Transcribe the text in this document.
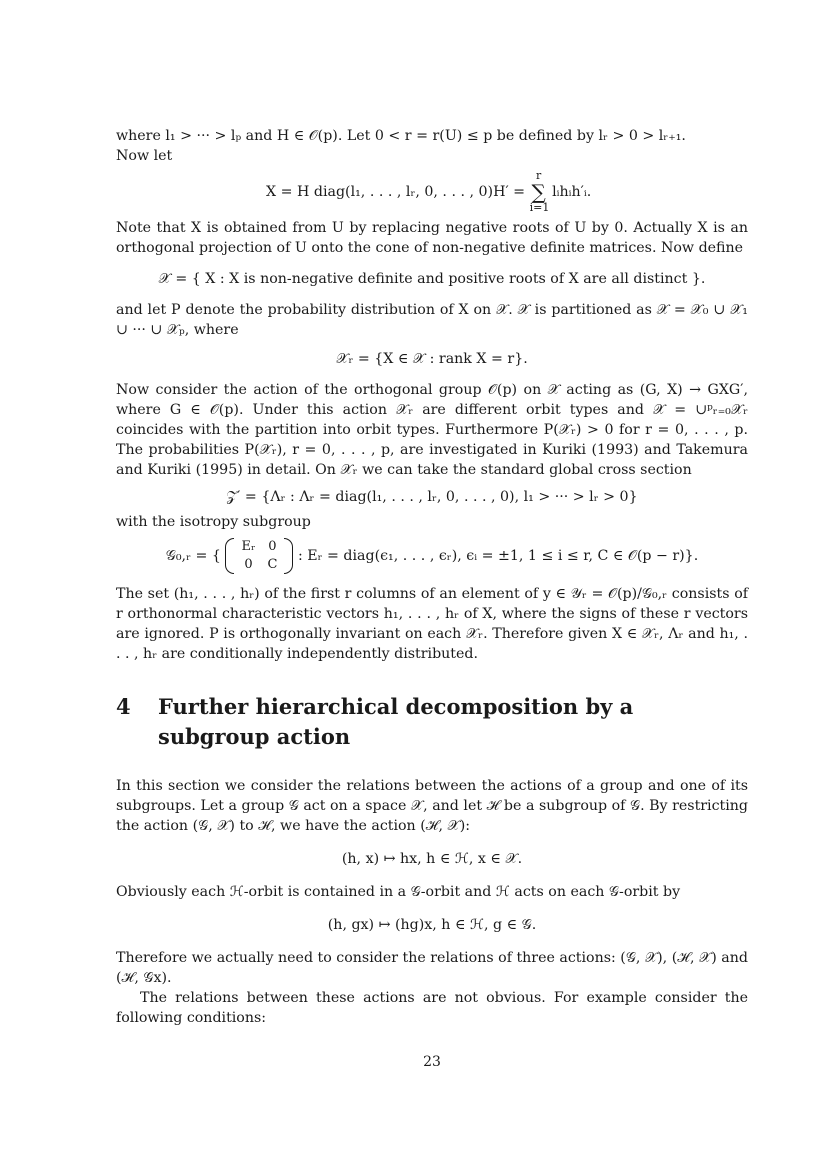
where l₁ > ··· > lₚ and H ∈ 𝒪(p). Let 0 < r = r(U) ≤ p be defined by lᵣ > 0 > lᵣ₊₁.

Now let

X = H diag(l₁, . . . , lᵣ, 0, . . . , 0)H′ = r
∑
i=1 lᵢhᵢh′ᵢ.

Note that X is obtained from U by replacing negative roots of U by 0. Actually X is an orthogonal projection of U onto the cone of non-negative definite matrices. Now define

𝒳 = { X : X is non-negative definite and positive roots of X are all distinct }.

and let P denote the probability distribution of X on 𝒳. 𝒳 is partitioned as 𝒳 = 𝒳₀ ∪ 𝒳₁ ∪ ··· ∪ 𝒳ₚ, where

𝒳ᵣ = {X ∈ 𝒳 : rank X = r}.

Now consider the action of the orthogonal group 𝒪(p) on 𝒳 acting as (G, X) → GXG′, where G ∈ 𝒪(p). Under this action 𝒳ᵣ are different orbit types and 𝒳 = ∪ᵖᵣ₌₀𝒳ᵣ coincides with the partition into orbit types. Furthermore P(𝒳ᵣ) > 0 for r = 0, . . . , p. The probabilities P(𝒳ᵣ), r = 0, . . . , p, are investigated in Kuriki (1993) and Takemura and Kuriki (1995) in detail. On 𝒳ᵣ we can take the standard global cross section

𝒵′ = {Λᵣ : Λᵣ = diag(l₁, . . . , lᵣ, 0, . . . , 0), l₁ > ··· > lᵣ > 0}

with the isotropy subgroup

𝒢₀,ᵣ = {
Eᵣ	0
0	C
: Eᵣ = diag(ϵ₁, . . . , ϵᵣ), ϵᵢ = ±1, 1 ≤ i ≤ r, C ∈ 𝒪(p − r)}.

The set (h₁, . . . , hᵣ) of the first r columns of an element of y ∈ 𝒴ᵣ = 𝒪(p)/𝒢₀,ᵣ consists of r orthonormal characteristic vectors h₁, . . . , hᵣ of X, where the signs of these r vectors are ignored. P is orthogonally invariant on each 𝒳ᵣ. Therefore given X ∈ 𝒳ᵣ, Λᵣ and h₁, . . . , hᵣ are conditionally independently distributed.

4	Further hierarchical decomposition by a subgroup action

In this section we consider the relations between the actions of a group and one of its subgroups. Let a group 𝒢 act on a space 𝒳, and let ℋ be a subgroup of 𝒢. By restricting the action (𝒢, 𝒳) to ℋ, we have the action (ℋ, 𝒳):

(h, x) ↦ hx, h ∈ ℋ, x ∈ 𝒳.

Obviously each ℋ-orbit is contained in a 𝒢-orbit and ℋ acts on each 𝒢-orbit by

(h, gx) ↦ (hg)x, h ∈ ℋ, g ∈ 𝒢.

Therefore we actually need to consider the relations of three actions: (𝒢, 𝒳), (ℋ, 𝒳) and (ℋ, 𝒢x).

The relations between these actions are not obvious. For example consider the following conditions:

23
